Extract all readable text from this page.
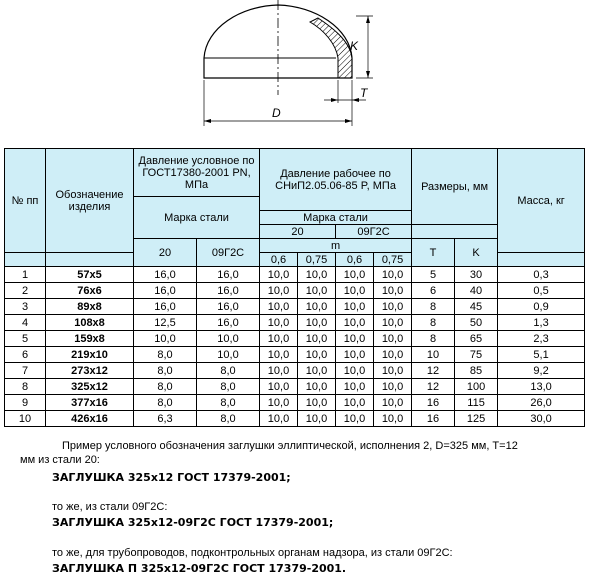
K
D
T
№ пп	Обозначение изделия	Давление условное по ГОСТ17380-2001 PN, МПа		Давление рабочее по СНиП2.05.06-85 P, МПа				Размеры, мм		Масса, кг
		Марка стали								
				Марка стали						
				20		09Г2С				
		20	09Г2С	m				T	K	
				0,6	0,75	0,6	0,75			
1	57x5	16,0	16,0	10,0	10,0	10,0	10,0	5	30	0,3
2	76x6	16,0	16,0	10,0	10,0	10,0	10,0	6	40	0,5
3	89x8	16,0	16,0	10,0	10,0	10,0	10,0	8	45	0,9
4	108x8	12,5	16,0	10,0	10,0	10,0	10,0	8	50	1,3
5	159x8	10,0	10,0	10,0	10,0	10,0	10,0	8	65	2,3
6	219x10	8,0	10,0	10,0	10,0	10,0	10,0	10	75	5,1
7	273x12	8,0	8,0	10,0	10,0	10,0	10,0	12	85	9,2
8	325x12	8,0	8,0	10,0	10,0	10,0	10,0	12	100	13,0
9	377x16	8,0	8,0	10,0	10,0	10,0	10,0	16	115	26,0
10	426x16	6,3	8,0	10,0	10,0	10,0	10,0	16	125	30,0
Пример условного обозначения заглушки эллиптической, исполнения 2, D=325 мм, T=12
мм из стали 20:
ЗАГЛУШКА 325x12 ГОСТ 17379-2001;
то же, из стали 09Г2С:
ЗАГЛУШКА 325x12-09Г2С ГОСТ 17379-2001;
то же, для трубопроводов, подконтрольных органам надзора, из стали 09Г2С:
ЗАГЛУШКА П 325x12-09Г2С ГОСТ 17379-2001.
